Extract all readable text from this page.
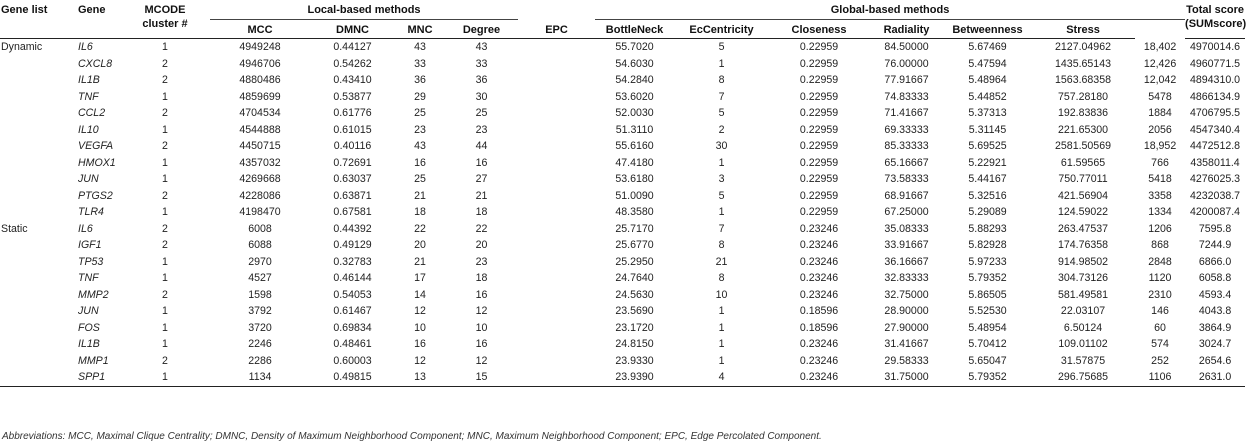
Gene list	Gene	MCODE cluster #	Local-based methods					Global-based methods							Total score (SUMscore)
			MCC	DMNC	MNC	Degree	EPC	BottleNeck	EcCentricity	Closeness	Radiality	Betweenness	Stress		
Dynamic	IL6	1	4949248	0.44127	43	43		55.7020	5	0.22959	84.50000	5.67469	2127.04962	18,402	4970014.6
	CXCL8	2	4946706	0.54262	33	33		54.6030	1	0.22959	76.00000	5.47594	1435.65143	12,426	4960771.5
	IL1B	2	4880486	0.43410	36	36		54.2840	8	0.22959	77.91667	5.48964	1563.68358	12,042	4894310.0
	TNF	1	4859699	0.53877	29	30		53.6020	7	0.22959	74.83333	5.44852	757.28180	5478	4866134.9
	CCL2	2	4704534	0.61776	25	25		52.0030	5	0.22959	71.41667	5.37313	192.83836	1884	4706795.5
	IL10	1	4544888	0.61015	23	23		51.3110	2	0.22959	69.33333	5.31145	221.65300	2056	4547340.4
	VEGFA	2	4450715	0.40116	43	44		55.6160	30	0.22959	85.33333	5.69525	2581.50569	18,952	4472512.8
	HMOX1	1	4357032	0.72691	16	16		47.4180	1	0.22959	65.16667	5.22921	61.59565	766	4358011.4
	JUN	1	4269668	0.63037	25	27		53.6180	3	0.22959	73.58333	5.44167	750.77011	5418	4276025.3
	PTGS2	2	4228086	0.63871	21	21		51.0090	5	0.22959	68.91667	5.32516	421.56904	3358	4232038.7
	TLR4	1	4198470	0.67581	18	18		48.3580	1	0.22959	67.25000	5.29089	124.59022	1334	4200087.4
Static	IL6	2	6008	0.44392	22	22		25.7170	7	0.23246	35.08333	5.88293	263.47537	1206	7595.8
	IGF1	2	6088	0.49129	20	20		25.6770	8	0.23246	33.91667	5.82928	174.76358	868	7244.9
	TP53	1	2970	0.32783	21	23		25.2950	21	0.23246	36.16667	5.97233	914.98502	2848	6866.0
	TNF	1	4527	0.46144	17	18		24.7640	8	0.23246	32.83333	5.79352	304.73126	1120	6058.8
	MMP2	2	1598	0.54053	14	16		24.5630	10	0.23246	32.75000	5.86505	581.49581	2310	4593.4
	JUN	1	3792	0.61467	12	12		23.5690	1	0.18596	28.90000	5.52530	22.03107	146	4043.8
	FOS	1	3720	0.69834	10	10		23.1720	1	0.18596	27.90000	5.48954	6.50124	60	3864.9
	IL1B	1	2246	0.48461	16	16		24.8150	1	0.23246	31.41667	5.70412	109.01102	574	3024.7
	MMP1	2	2286	0.60003	12	12		23.9330	1	0.23246	29.58333	5.65047	31.57875	252	2654.6
	SPP1	1	1134	0.49815	13	15		23.9390	4	0.23246	31.75000	5.79352	296.75685	1106	2631.0
Abbreviations: MCC, Maximal Clique Centrality; DMNC, Density of Maximum Neighborhood Component; MNC, Maximum Neighborhood Component; EPC, Edge Percolated Component.
